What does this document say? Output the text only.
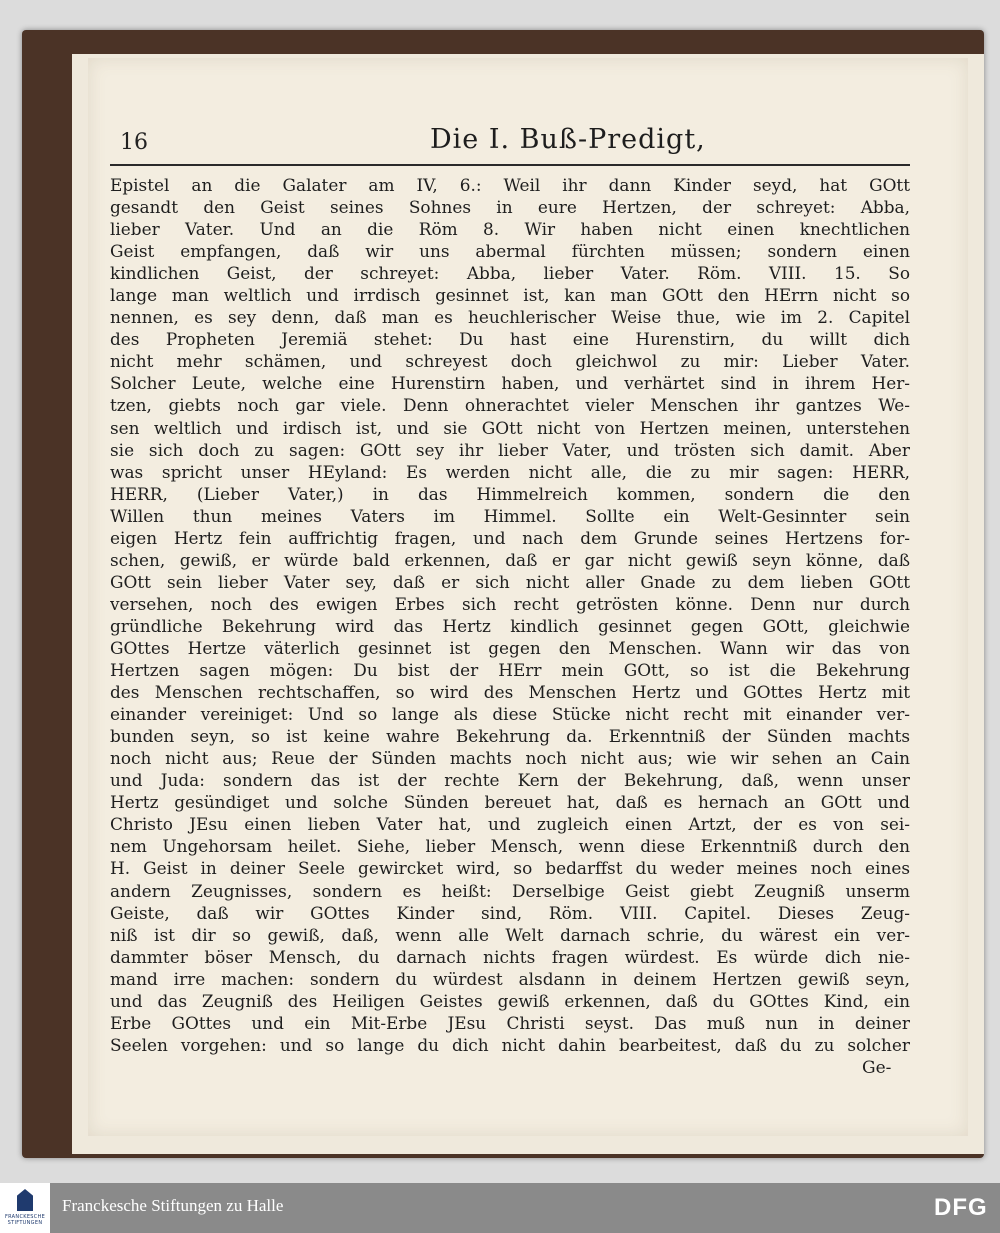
16	Die I. Buß-Predigt,
Epistel an die Galater am IV, 6.: Weil ihr dann Kinder seyd, hat GOtt
gesandt den Geist seines Sohnes in eure Hertzen, der schreyet: Abba,
lieber Vater. Und an die Röm 8. Wir haben nicht einen knechtlichen
Geist empfangen, daß wir uns abermal fürchten müssen; sondern einen
kindlichen Geist, der schreyet: Abba, lieber Vater. Röm. VIII. 15. So
lange man weltlich und irrdisch gesinnet ist, kan man GOtt den HErrn nicht so
nennen, es sey denn, daß man es heuchlerischer Weise thue, wie im 2. Capitel
des Propheten Jeremiä stehet: Du hast eine Hurenstirn, du willt dich
nicht mehr schämen, und schreyest doch gleichwol zu mir: Lieber Vater.
Solcher Leute, welche eine Hurenstirn haben, und verhärtet sind in ihrem Her-
tzen, giebts noch gar viele. Denn ohnerachtet vieler Menschen ihr gantzes We-
sen weltlich und irdisch ist, und sie GOtt nicht von Hertzen meinen, unterstehen
sie sich doch zu sagen: GOtt sey ihr lieber Vater, und trösten sich damit. Aber
was spricht unser HEyland: Es werden nicht alle, die zu mir sagen: HERR,
HERR, (Lieber Vater,) in das Himmelreich kommen, sondern die den
Willen thun meines Vaters im Himmel. Sollte ein Welt-Gesinnter sein
eigen Hertz fein auffrichtig fragen, und nach dem Grunde seines Hertzens for-
schen, gewiß, er würde bald erkennen, daß er gar nicht gewiß seyn könne, daß
GOtt sein lieber Vater sey, daß er sich nicht aller Gnade zu dem lieben GOtt
versehen, noch des ewigen Erbes sich recht getrösten könne. Denn nur durch
gründliche Bekehrung wird das Hertz kindlich gesinnet gegen GOtt, gleichwie
GOttes Hertze väterlich gesinnet ist gegen den Menschen. Wann wir das von
Hertzen sagen mögen: Du bist der HErr mein GOtt, so ist die Bekehrung
des Menschen rechtschaffen, so wird des Menschen Hertz und GOttes Hertz mit
einander vereiniget: Und so lange als diese Stücke nicht recht mit einander ver-
bunden seyn, so ist keine wahre Bekehrung da. Erkenntniß der Sünden machts
noch nicht aus; Reue der Sünden machts noch nicht aus; wie wir sehen an Cain
und Juda: sondern das ist der rechte Kern der Bekehrung, daß, wenn unser
Hertz gesündiget und solche Sünden bereuet hat, daß es hernach an GOtt und
Christo JEsu einen lieben Vater hat, und zugleich einen Artzt, der es von sei-
nem Ungehorsam heilet. Siehe, lieber Mensch, wenn diese Erkenntniß durch den
H. Geist in deiner Seele gewircket wird, so bedarffst du weder meines noch eines
andern Zeugnisses, sondern es heißt: Derselbige Geist giebt Zeugniß unserm
Geiste, daß wir GOttes Kinder sind, Röm. VIII. Capitel. Dieses Zeug-
niß ist dir so gewiß, daß, wenn alle Welt darnach schrie, du wärest ein ver-
dammter böser Mensch, du darnach nichts fragen würdest. Es würde dich nie-
mand irre machen: sondern du würdest alsdann in deinem Hertzen gewiß seyn,
und das Zeugniß des Heiligen Geistes gewiß erkennen, daß du GOttes Kind, ein
Erbe GOttes und ein Mit-Erbe JEsu Christi seyst. Das muß nun in deiner
Seelen vorgehen: und so lange du dich nicht dahin bearbeitest, daß du zu solcher
Ge-
FRANCKESCHE STIFTUNGEN
Franckesche Stiftungen zu Halle	DFG
